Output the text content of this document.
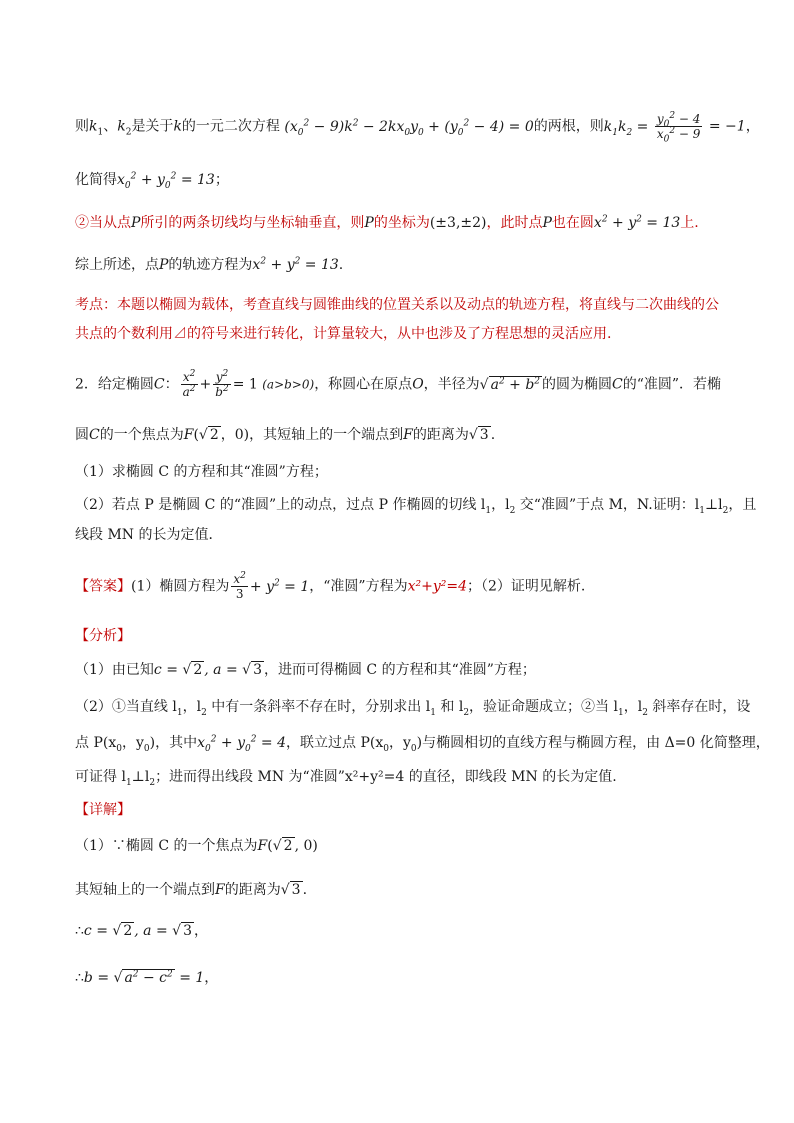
则$k_1$、$k_2$是关于k的一元二次方程 $(x_0^2 - 9)k^2 - 2kx_0y_0 + (y_0^2 - 4) = 0$的两根，则$k_1k_2 = \frac{y_0^2 - 4}{x_0^2 - 9} = -1$，
化简得$x_0^2 + y_0^2 = 13$；
②当从点P所引的两条切线均与坐标轴垂直，则P的坐标为(±3,±2)，此时点P也在圆$x^2 + y^2 = 13$上.
综上所述，点P的轨迹方程为$x^2 + y^2 = 13$.
考点：本题以椭圆为载体，考查直线与圆锥曲线的位置关系以及动点的轨迹方程，将直线与二次曲线的公
共点的个数利用⊿的符号来进行转化，计算量较大，从中也涉及了方程思想的灵活应用.
2．给定椭圆C： $\frac{x^2}{a^2} + \frac{y^2}{b^2} = 1$ (a>b>0)，称圆心在原点O，半径为√ $a^2 + b^2$ 的圆为椭圆C的“准圆”．若椭
圆C的一个焦点为F(√ 2 ，0)，其短轴上的一个端点到F的距离为√ 3 .
（1）求椭圆 C 的方程和其“准圆”方程；
（2）若点 P 是椭圆 C 的“准圆”上的动点，过点 P 作椭圆的切线 $l_1$，$l_2$ 交“准圆”于点 M，N.证明：$l_1\perp l_2$，且
线段 MN 的长为定值．
【答案】(1）椭圆方程为 $\frac{x^2}{3} + y^2 = 1$，“准圆”方程为x²+y²=4；（2）证明见解析.
【分析】
（1）由已知c = √ 2 , a = √ 3 ，进而可得椭圆 C 的方程和其“准圆”方程；
（2）①当直线 $l_1$，$l_2$ 中有一条斜率不存在时，分别求出 $l_1$ 和 $l_2$，验证命题成立；②当 $l_1$，$l_2$ 斜率存在时，设
点 $P(x_0$，$y_0$)，其中$x_0^2 + y_0^2 = 4$，联立过点 $P(x_0$，$y_0$)与椭圆相切的直线方程与椭圆方程，由 Δ=0 化简整理，
可证得 $l_1\perp l_2$；进而得出线段 MN 为“准圆”x²+y²=4 的直径，即线段 MN 的长为定值.
【详解】
（1）∵椭圆 C 的一个焦点为F(√ 2 , 0)
其短轴上的一个端点到F的距离为√ 3 .
∴c = √ 2 , a = √ 3 ，
∴b = √ $a^2 - c^2 = 1$，
